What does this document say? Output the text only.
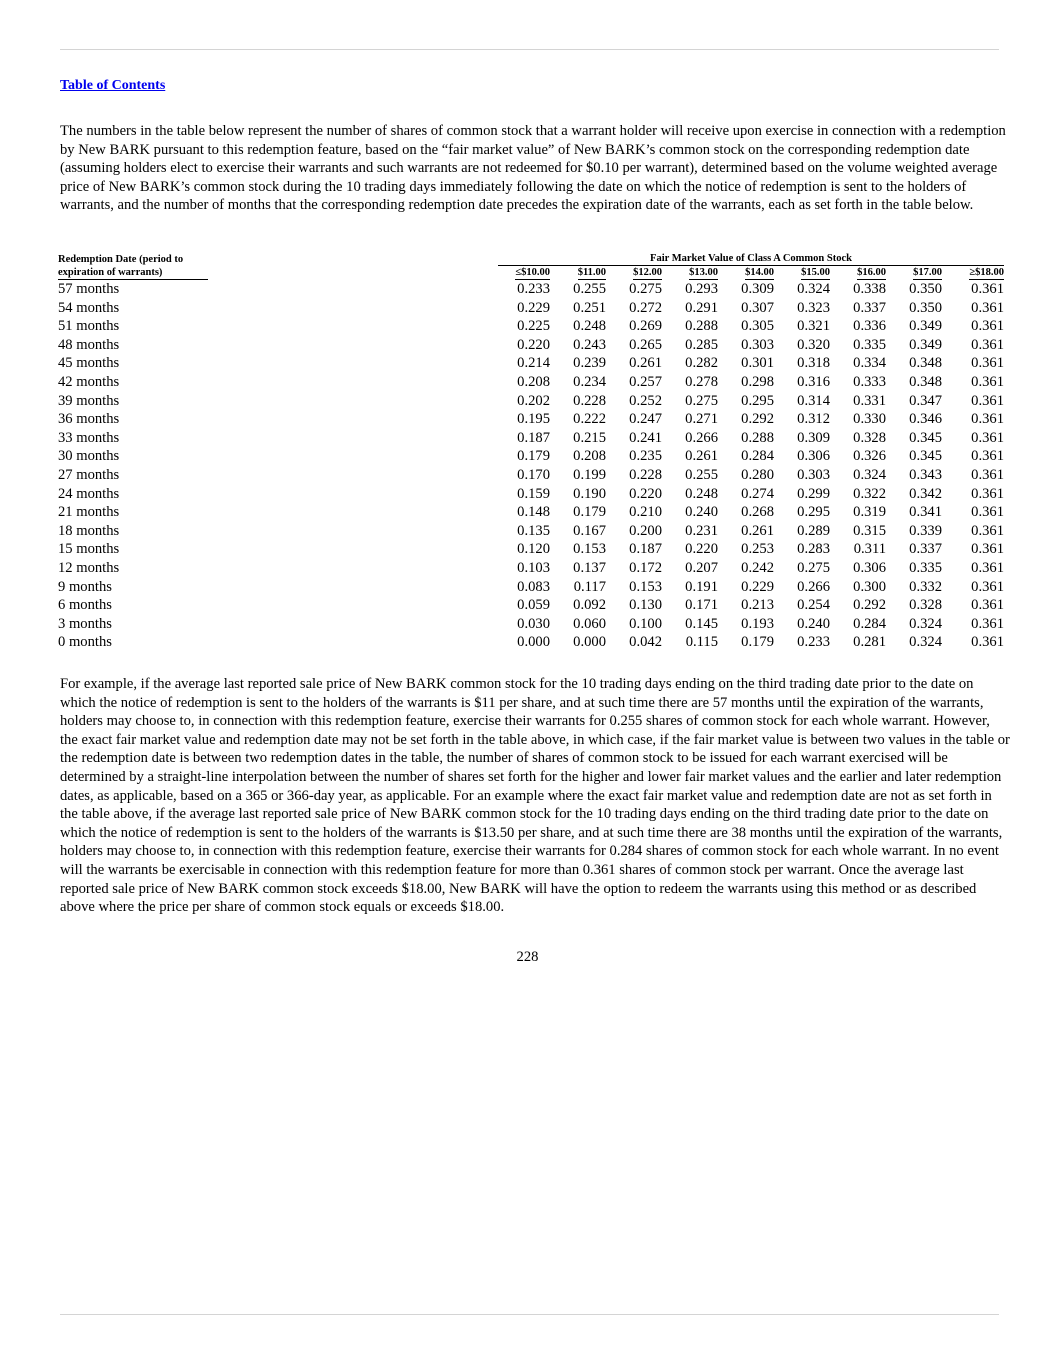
Table of Contents

The numbers in the table below represent the number of shares of common stock that a warrant holder will receive upon exercise in connection with a redemption by New BARK pursuant to this redemption feature, based on the “fair market value” of New BARK’s common stock on the corresponding redemption date (assuming holders elect to exercise their warrants and such warrants are not redeemed for $0.10 per warrant), determined based on the volume weighted average price of New BARK’s common stock during the 10 trading days immediately following the date on which the notice of redemption is sent to the holders of warrants, and the number of months that the corresponding redemption date precedes the expiration date of the warrants, each as set forth in the table below.

Redemption Date (period to
expiration of warrants)	Fair Market Value of Class A Common Stock								
	≤$10.00	$11.00	$12.00	$13.00	$14.00	$15.00	$16.00	$17.00	≥$18.00
57 months	0.233	0.255	0.275	0.293	0.309	0.324	0.338	0.350	0.361
54 months	0.229	0.251	0.272	0.291	0.307	0.323	0.337	0.350	0.361
51 months	0.225	0.248	0.269	0.288	0.305	0.321	0.336	0.349	0.361
48 months	0.220	0.243	0.265	0.285	0.303	0.320	0.335	0.349	0.361
45 months	0.214	0.239	0.261	0.282	0.301	0.318	0.334	0.348	0.361
42 months	0.208	0.234	0.257	0.278	0.298	0.316	0.333	0.348	0.361
39 months	0.202	0.228	0.252	0.275	0.295	0.314	0.331	0.347	0.361
36 months	0.195	0.222	0.247	0.271	0.292	0.312	0.330	0.346	0.361
33 months	0.187	0.215	0.241	0.266	0.288	0.309	0.328	0.345	0.361
30 months	0.179	0.208	0.235	0.261	0.284	0.306	0.326	0.345	0.361
27 months	0.170	0.199	0.228	0.255	0.280	0.303	0.324	0.343	0.361
24 months	0.159	0.190	0.220	0.248	0.274	0.299	0.322	0.342	0.361
21 months	0.148	0.179	0.210	0.240	0.268	0.295	0.319	0.341	0.361
18 months	0.135	0.167	0.200	0.231	0.261	0.289	0.315	0.339	0.361
15 months	0.120	0.153	0.187	0.220	0.253	0.283	0.311	0.337	0.361
12 months	0.103	0.137	0.172	0.207	0.242	0.275	0.306	0.335	0.361
9 months	0.083	0.117	0.153	0.191	0.229	0.266	0.300	0.332	0.361
6 months	0.059	0.092	0.130	0.171	0.213	0.254	0.292	0.328	0.361
3 months	0.030	0.060	0.100	0.145	0.193	0.240	0.284	0.324	0.361
0 months	0.000	0.000	0.042	0.115	0.179	0.233	0.281	0.324	0.361

For example, if the average last reported sale price of New BARK common stock for the 10 trading days ending on the third trading date prior to the date on which the notice of redemption is sent to the holders of the warrants is $11 per share, and at such time there are 57 months until the expiration of the warrants, holders may choose to, in connection with this redemption feature, exercise their warrants for 0.255 shares of common stock for each whole warrant. However, the exact fair market value and redemption date may not be set forth in the table above, in which case, if the fair market value is between two values in the table or the redemption date is between two redemption dates in the table, the number of shares of common stock to be issued for each warrant exercised will be determined by a straight-line interpolation between the number of shares set forth for the higher and lower fair market values and the earlier and later redemption dates, as applicable, based on a 365 or 366-day year, as applicable. For an example where the exact fair market value and redemption date are not as set forth in the table above, if the average last reported sale price of New BARK common stock for the 10 trading days ending on the third trading date prior to the date on which the notice of redemption is sent to the holders of the warrants is $13.50 per share, and at such time there are 38 months until the expiration of the warrants, holders may choose to, in connection with this redemption feature, exercise their warrants for 0.284 shares of common stock for each whole warrant. In no event will the warrants be exercisable in connection with this redemption feature for more than 0.361 shares of common stock per warrant. Once the average last reported sale price of New BARK common stock exceeds $18.00, New BARK will have the option to redeem the warrants using this method or as described above where the price per share of common stock equals or exceeds $18.00.

228
